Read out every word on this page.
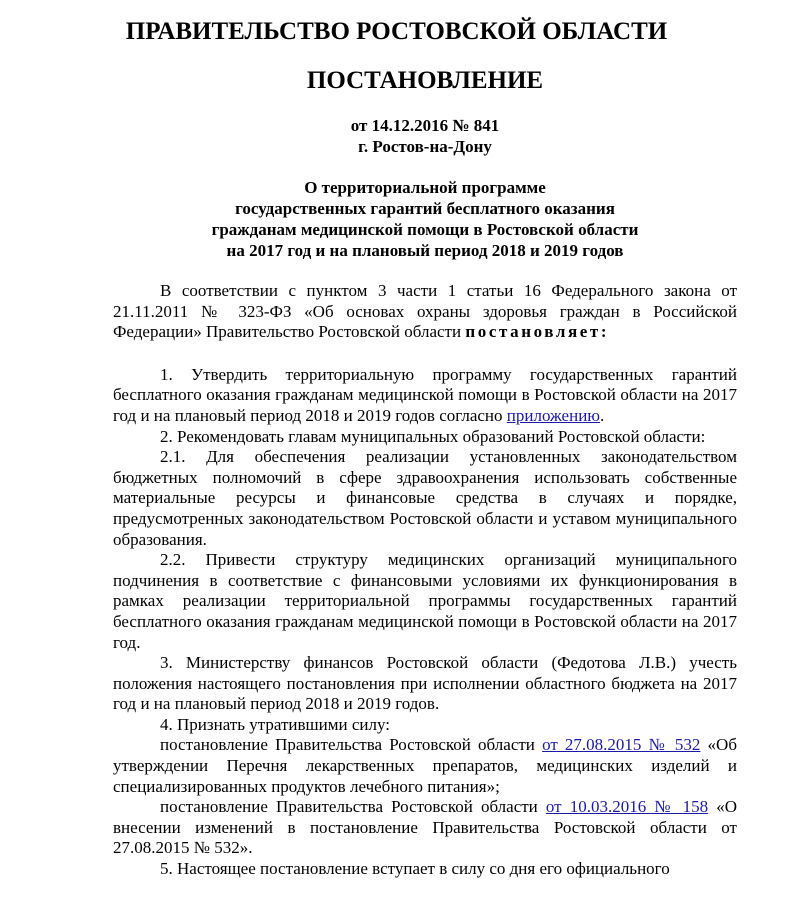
ПРАВИТЕЛЬСТВО РОСТОВСКОЙ ОБЛАСТИ
ПОСТАНОВЛЕНИЕ
от 14.12.2016 № 841
г. Ростов-на-Дону
О территориальной программе
государственных гарантий бесплатного оказания
гражданам медицинской помощи в Ростовской области
на 2017 год и на плановый период 2018 и 2019 годов

В соответствии с пунктом 3 части 1 статьи 16 Федерального закона от 21.11.2011 № 323-ФЗ «Об основах охраны здоровья граждан в Российской Федерации» Правительство Ростовской области постановляет:

1. Утвердить территориальную программу государственных гарантий бесплатного оказания гражданам медицинской помощи в Ростовской области на 2017 год и на плановый период 2018 и 2019 годов согласно приложению.

2. Рекомендовать главам муниципальных образований Ростовской области:

2.1. Для обеспечения реализации установленных законодательством бюджетных полномочий в сфере здравоохранения использовать собственные материальные ресурсы и финансовые средства в случаях и порядке, предусмотренных законодательством Ростовской области и уставом муниципального образования.

2.2. Привести структуру медицинских организаций муниципального подчинения в соответствие с финансовыми условиями их функционирования в рамках реализации территориальной программы государственных гарантий бесплатного оказания гражданам медицинской помощи в Ростовской области на 2017 год.

3. Министерству финансов Ростовской области (Федотова Л.В.) учесть положения настоящего постановления при исполнении областного бюджета на 2017 год и на плановый период 2018 и 2019 годов.

4. Признать утратившими силу:

постановление Правительства Ростовской области от 27.08.2015 № 532 «Об утверждении Перечня лекарственных препаратов, медицинских изделий и специализированных продуктов лечебного питания»;

постановление Правительства Ростовской области от 10.03.2016 № 158 «О внесении изменений в постановление Правительства Ростовской области от 27.08.2015 № 532».

5. Настоящее постановление вступает в силу со дня его официального
